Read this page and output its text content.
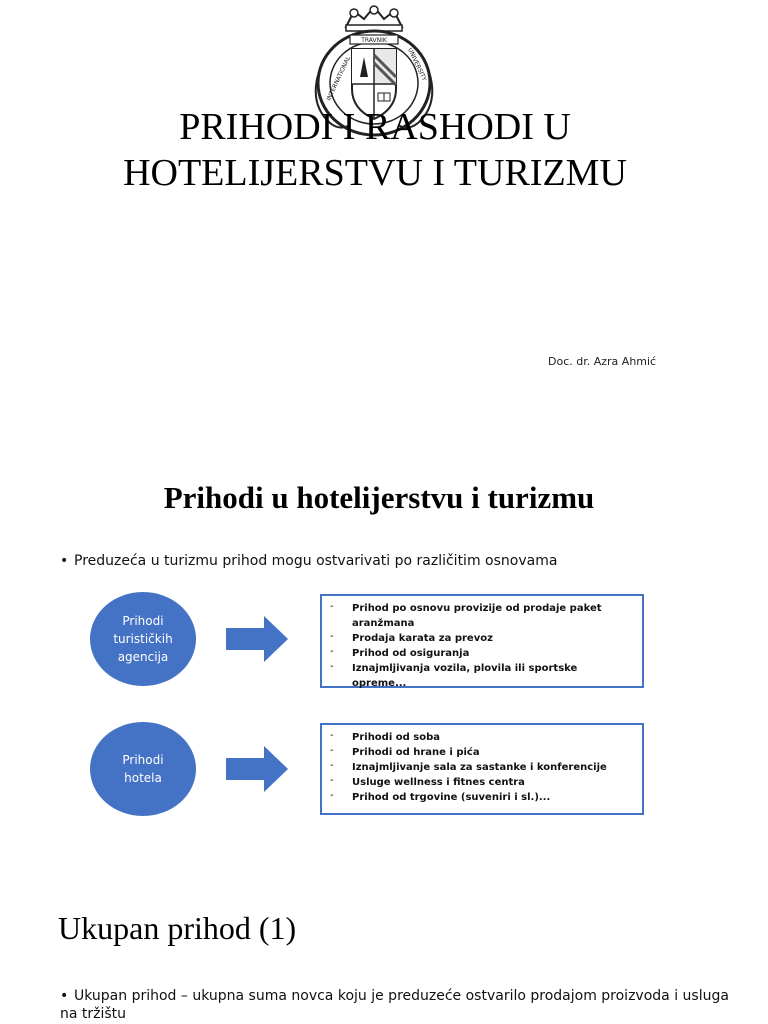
TRAVNIK
INTERNATIONAL	UNIVERSITY
PRIHODI I RASHODI U HOTELIJERSTVU I TURIZMU
Doc. dr. Azra Ahmić
Prihodi u hotelijerstvu i turizmu
• Preduzeća u turizmu prihod mogu ostvarivati po različitim osnovama
Prihodi turističkih agencija
- Prihod po osnovu provizije od prodaje paket aranžmana
- Prodaja karata za prevoz
- Prihod od osiguranja
- Iznajmljivanja vozila, plovila ili sportske opreme...
Prihodi hotela
- Prihodi od soba
- Prihodi od hrane i pića
- Iznajmljivanje sala za sastanke i konferencije
- Usluge wellness i fitnes centra
- Prihod od trgovine (suveniri i sl.)...
Ukupan prihod (1)
• Ukupan prihod – ukupna suma novca koju je preduzeće ostvarilo prodajom proizvoda i usluga na tržištu
